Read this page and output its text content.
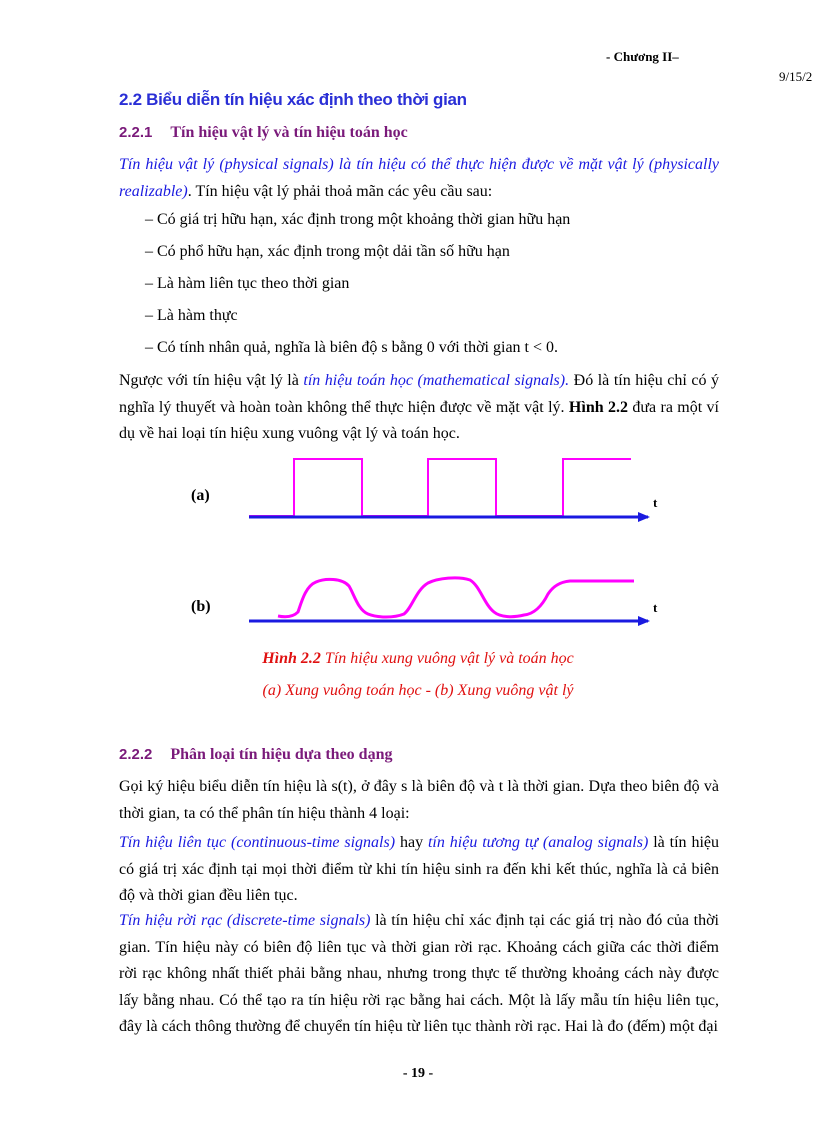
- Chương II–
9/15/2
2.2 Biểu diễn tín hiệu xác định theo thời gian
2.2.1 Tín hiệu vật lý và tín hiệu toán học
Tín hiệu vật lý (physical signals) là tín hiệu có thể thực hiện được về mặt vật lý (physically realizable). Tín hiệu vật lý phải thoả mãn các yêu cầu sau:
– Có giá trị hữu hạn, xác định trong một khoảng thời gian hữu hạn
– Có phổ hữu hạn, xác định trong một dải tần số hữu hạn
– Là hàm liên tục theo thời gian
– Là hàm thực
– Có tính nhân quả, nghĩa là biên độ s bằng 0 với thời gian t < 0.
Ngược với tín hiệu vật lý là tín hiệu toán học (mathematical signals). Đó là tín hiệu chỉ có ý nghĩa lý thuyết và hoàn toàn không thể thực hiện được về mặt vật lý. Hình 2.2 đưa ra một ví dụ về hai loại tín hiệu xung vuông vật lý và toán học.
(a)
(b)
t
t
Hình 2.2 Tín hiệu xung vuông vật lý và toán học
(a) Xung vuông toán học - (b) Xung vuông vật lý
2.2.2 Phân loại tín hiệu dựa theo dạng
Gọi ký hiệu biểu diễn tín hiệu là s(t), ở đây s là biên độ và t là thời gian. Dựa theo biên độ và thời gian, ta có thể phân tín hiệu thành 4 loại:
Tín hiệu liên tục (continuous-time signals) hay tín hiệu tương tự (analog signals) là tín hiệu có giá trị xác định tại mọi thời điểm từ khi tín hiệu sinh ra đến khi kết thúc, nghĩa là cả biên độ và thời gian đều liên tục.
Tín hiệu rời rạc (discrete-time signals) là tín hiệu chỉ xác định tại các giá trị nào đó của thời gian. Tín hiệu này có biên độ liên tục và thời gian rời rạc. Khoảng cách giữa các thời điểm rời rạc không nhất thiết phải bằng nhau, nhưng trong thực tế thường khoảng cách này được lấy bằng nhau. Có thể tạo ra tín hiệu rời rạc bằng hai cách. Một là lấy mẫu tín hiệu liên tục, đây là cách thông thường để chuyển tín hiệu từ liên tục thành rời rạc. Hai là đo (đếm) một đại
- 19 -
